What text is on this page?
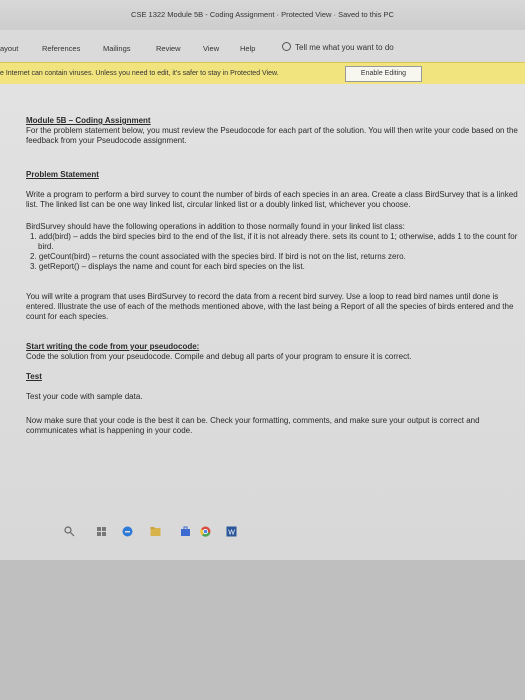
CSE 1322 Module 5B - Coding Assignment · Protected View · Saved to this PC
ayout	References	Mailings	Review	View	Help	Tell me what you want to do
e Internet can contain viruses. Unless you need to edit, it's safer to stay in Protected View.	Enable Editing
Module 5B – Coding Assignment
For the problem statement below, you must review the Pseudocode for each part of the solution. You will then write your code based on the feedback from your Pseudocode assignment.
Problem Statement
Write a program to perform a bird survey to count the number of birds of each species in an area. Create a class BirdSurvey that is a linked list. The linked list can be one way linked list, circular linked list or a doubly linked list, whichever you choose.
BirdSurvey should have the following operations in addition to those normally found in your linked list class:
1. add(bird) – adds the bird species bird to the end of the list, if it is not already there. sets its count to 1; otherwise, adds 1 to the count for bird.
2. getCount(bird) – returns the count associated with the species bird. If bird is not on the list, returns zero.
3. getReport() – displays the name and count for each bird species on the list.
You will write a program that uses BirdSurvey to record the data from a recent bird survey. Use a loop to read bird names until done is entered. Illustrate the use of each of the methods mentioned above, with the last being a Report of all the species of birds entered and the count for each species.
Start writing the code from your pseudocode:
Code the solution from your pseudocode. Compile and debug all parts of your program to ensure it is correct.
Test
Test your code with sample data.
Now make sure that your code is the best it can be. Check your formatting, comments, and make sure your output is correct and communicates what is happening in your code.
W
